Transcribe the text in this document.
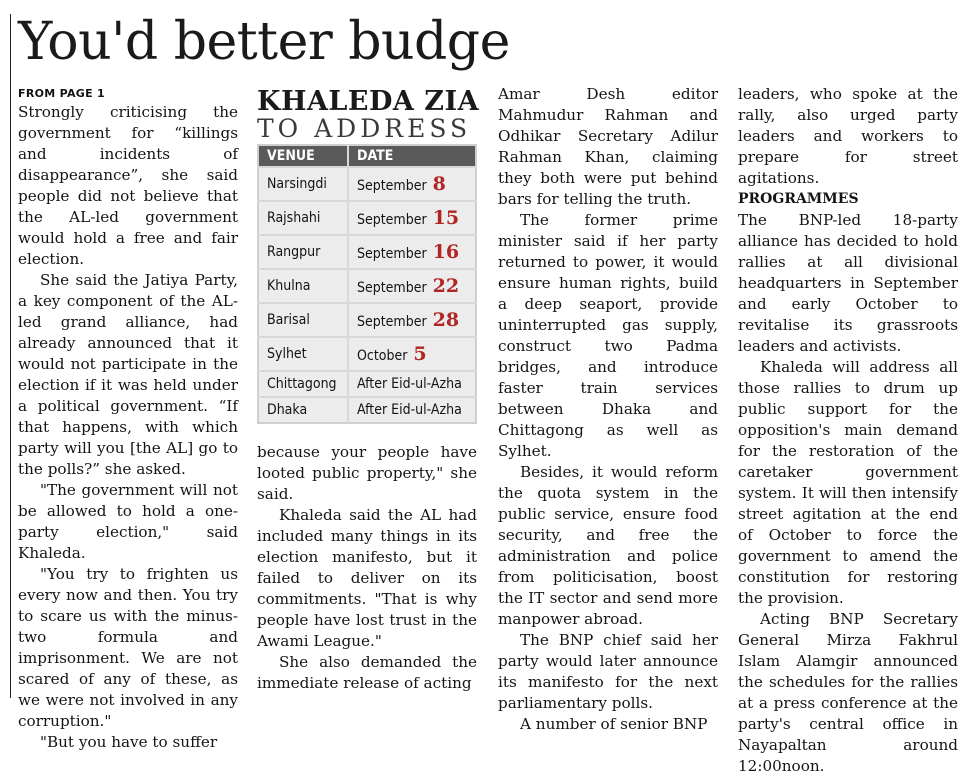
You'd better budge
FROM PAGE 1

Strongly criticising the government for “killings and incidents of disappearance”, she said people did not believe that the AL-led government would hold a free and fair election.

She said the Jatiya Party, a key component of the AL-led grand alliance, had already announced that it would not participate in the election if it was held under a political government. “If that happens, with which party will you [the AL] go to the polls?” she asked.

"The government will not be allowed to hold a one-party election," said Khaleda.

"You try to frighten us every now and then. You try to scare us with the minus-two formula and imprisonment. We are not scared of any of these, as we were not involved in any corruption."

"But you have to suffer

KHALEDA ZIA
TO ADDRESS
VENUE	DATE
Narsingdi	September 8
Rajshahi	September 15
Rangpur	September 16
Khulna	September 22
Barisal	September 28
Sylhet	October 5
Chittagong	After Eid-ul-Azha
Dhaka	After Eid-ul-Azha

because your people have looted public property," she said.

Khaleda said the AL had included many things in its election manifesto, but it failed to deliver on its commitments. "That is why people have lost trust in the Awami League."

She also demanded the immediate release of acting

Amar Desh editor Mahmudur Rahman and Odhikar Secretary Adilur Rahman Khan, claiming they both were put behind bars for telling the truth.

The former prime minister said if her party returned to power, it would ensure human rights, build a deep seaport, provide uninterrupted gas supply, construct two Padma bridges, and introduce faster train services between Dhaka and Chittagong as well as Sylhet.

Besides, it would reform the quota system in the public service, ensure food security, and free the administration and police from politicisation, boost the IT sector and send more manpower abroad.

The BNP chief said her party would later announce its manifesto for the next parliamentary polls.

A number of senior BNP

leaders, who spoke at the rally, also urged party leaders and workers to prepare for street agitations.

PROGRAMMES

The BNP-led 18-party alliance has decided to hold rallies at all divisional headquarters in September and early October to revitalise its grassroots leaders and activists.

Khaleda will address all those rallies to drum up public support for the opposition's main demand for the restoration of the caretaker government system. It will then intensify street agitation at the end of October to force the government to amend the constitution for restoring the provision.

Acting BNP Secretary General Mirza Fakhrul Islam Alamgir announced the schedules for the rallies at a press conference at the party's central office in Nayapaltan around 12:00noon.
